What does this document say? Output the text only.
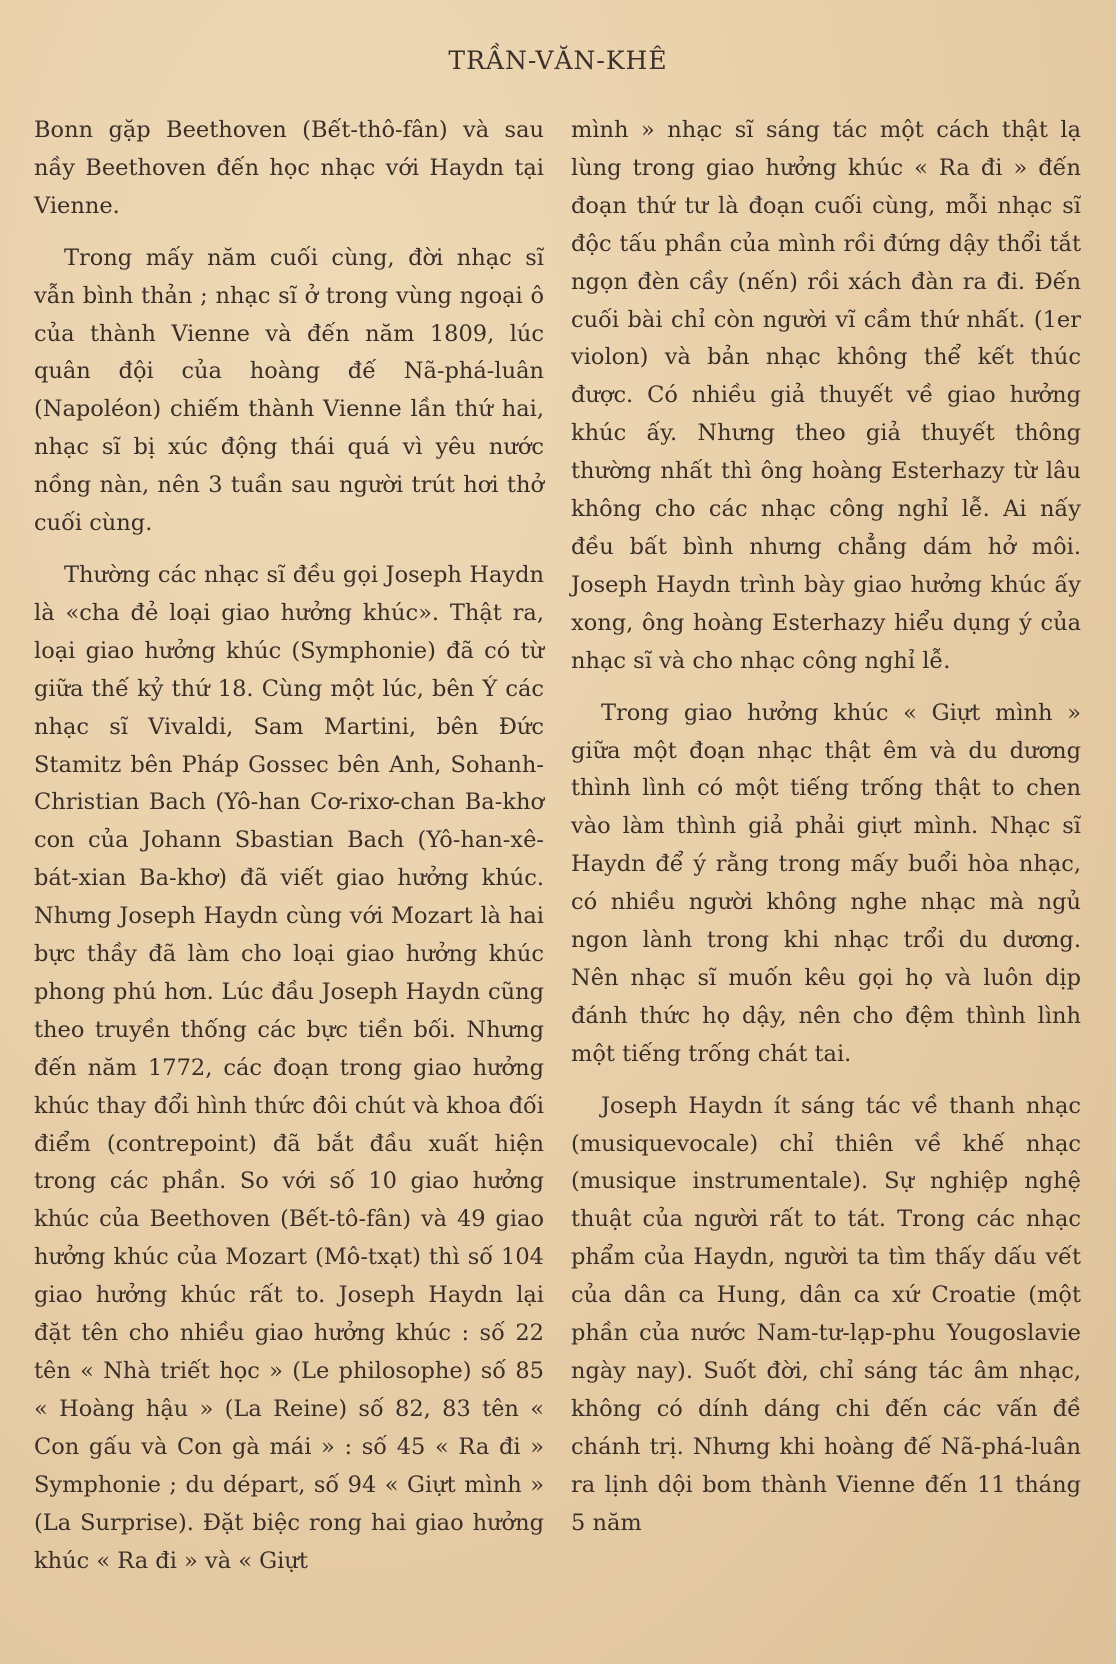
TRẦN-VĂN-KHÊ

Bonn gặp Beethoven (Bết-thô-fân) và sau nầy Beethoven đến học nhạc với Haydn tại Vienne.

Trong mấy năm cuối cùng, đời nhạc sĩ vẫn bình thản ; nhạc sĩ ở trong vùng ngoại ô của thành Vienne và đến năm 1809, lúc quân đội của hoàng đế Nã-phá-luân (Napoléon) chiếm thành Vienne lần thứ hai, nhạc sĩ bị xúc động thái quá vì yêu nước nồng nàn, nên 3 tuần sau người trút hơi thở cuối cùng.

Thường các nhạc sĩ đều gọi Joseph Haydn là «cha đẻ loại giao hưởng khúc». Thật ra, loại giao hưởng khúc (Symphonie) đã có từ giữa thế kỷ thứ 18. Cùng một lúc, bên Ý các nhạc sĩ Vivaldi, Sam Martini, bên Đức Stamitz bên Pháp Gossec bên Anh, Sohanh-Christian Bach (Yô-han Cơ-rixơ-chan Ba-khơ con của Johann Sbastian Bach (Yô-han-xê-bát-xian Ba-khơ) đã viết giao hưởng khúc. Nhưng Joseph Haydn cùng với Mozart là hai bực thầy đã làm cho loại giao hưởng khúc phong phú hơn. Lúc đầu Joseph Haydn cũng theo truyền thống các bực tiền bối. Nhưng đến năm 1772, các đoạn trong giao hưởng khúc thay đổi hình thức đôi chút và khoa đối điểm (contrepoint) đã bắt đầu xuất hiện trong các phần. So với số 10 giao hưởng khúc của Beethoven (Bết-tô-fân) và 49 giao hưởng khúc của Mozart (Mô-txạt) thì số 104 giao hưởng khúc rất to. Joseph Haydn lại đặt tên cho nhiều giao hưởng khúc : số 22 tên « Nhà triết học » (Le philosophe) số 85 « Hoàng hậu » (La Reine) số 82, 83 tên « Con gấu và Con gà mái » : số 45 « Ra đi » Symphonie ; du départ, số 94 « Giựt mình » (La Surprise). Đặt biệc rong hai giao hưởng khúc « Ra đi » và « Giựt

mình » nhạc sĩ sáng tác một cách thật lạ lùng trong giao hưởng khúc « Ra đi » đến đoạn thứ tư là đoạn cuối cùng, mỗi nhạc sĩ độc tấu phần của mình rồi đứng dậy thổi tắt ngọn đèn cầy (nến) rồi xách đàn ra đi. Đến cuối bài chỉ còn người vĩ cầm thứ nhất. (1er violon) và bản nhạc không thể kết thúc được. Có nhiều giả thuyết về giao hưởng khúc ấy. Nhưng theo giả thuyết thông thường nhất thì ông hoàng Esterhazy từ lâu không cho các nhạc công nghỉ lễ. Ai nấy đều bất bình nhưng chẳng dám hở môi. Joseph Haydn trình bày giao hưởng khúc ấy xong, ông hoàng Esterhazy hiểu dụng ý của nhạc sĩ và cho nhạc công nghỉ lễ.

Trong giao hưởng khúc « Giựt mình » giữa một đoạn nhạc thật êm và du dương thình lình có một tiếng trống thật to chen vào làm thình giả phải giựt mình. Nhạc sĩ Haydn để ý rằng trong mấy buổi hòa nhạc, có nhiều người không nghe nhạc mà ngủ ngon lành trong khi nhạc trổi du dương. Nên nhạc sĩ muốn kêu gọi họ và luôn dịp đánh thức họ dậy, nên cho đệm thình lình một tiếng trống chát tai.

Joseph Haydn ít sáng tác về thanh nhạc (musiquevocale) chỉ thiên về khế nhạc (musique instrumentale). Sự nghiệp nghệ thuật của người rất to tát. Trong các nhạc phẩm của Haydn, người ta tìm thấy dấu vết của dân ca Hung, dân ca xứ Croatie (một phần của nước Nam-tư-lạp-phu Yougoslavie ngày nay). Suốt đời, chỉ sáng tác âm nhạc, không có dính dáng chi đến các vấn đề chánh trị. Nhưng khi hoàng đế Nã-phá-luân ra lịnh dội bom thành Vienne đến 11 tháng 5 năm
